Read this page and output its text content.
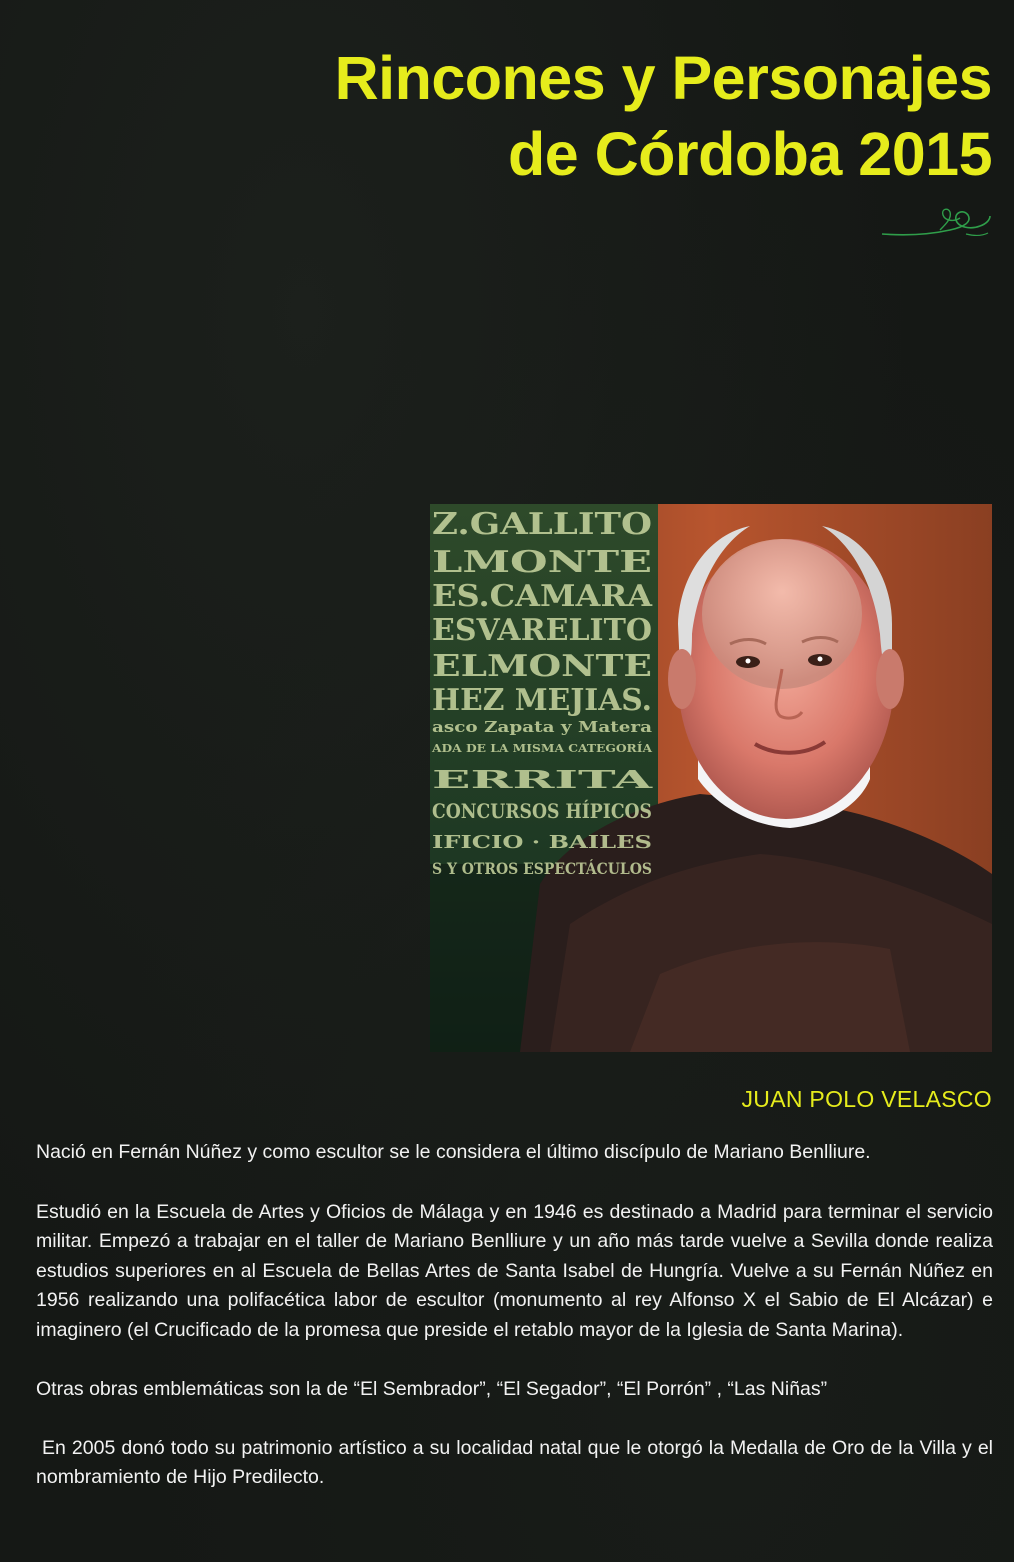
Rincones y Personajes
de Córdoba 2015
Z.GALLITO
LMONTE
ES.CAMARA
ESVARELITO
ELMONTE
HEZ MEJIAS.
asco Zapata y Matera
ADA DE LA MISMA CATEGORÍA
ERRITA
CONCURSOS HÍPICOS
IFICIO · BAILES
S Y OTROS ESPECTÁCULOS
JUAN POLO VELASCO

Nació en Fernán Núñez y como escultor se le considera el último discípulo de Mariano Benlliure.

Estudió en la Escuela de Artes y Oficios de Málaga y en 1946 es destinado a Madrid para terminar el servicio militar. Empezó a trabajar en el taller de Mariano Benlliure y un año más tarde vuelve a Sevilla donde realiza estudios superiores en al Escuela de Bellas Artes de Santa Isabel de Hungría. Vuelve a su Fernán Núñez en 1956 realizando una polifacética labor de escultor (monumento al rey Alfonso X el Sabio de El Alcázar) e imaginero (el Crucificado de la promesa que preside el retablo mayor de la Iglesia de Santa Marina).

Otras obras emblemáticas son la de “El Sembrador”, “El Segador”, “El Porrón” , “Las Niñas”

En 2005 donó todo su patrimonio artístico a su localidad natal que le otorgó la Medalla de Oro de la Villa y el nombramiento de Hijo Predilecto.
